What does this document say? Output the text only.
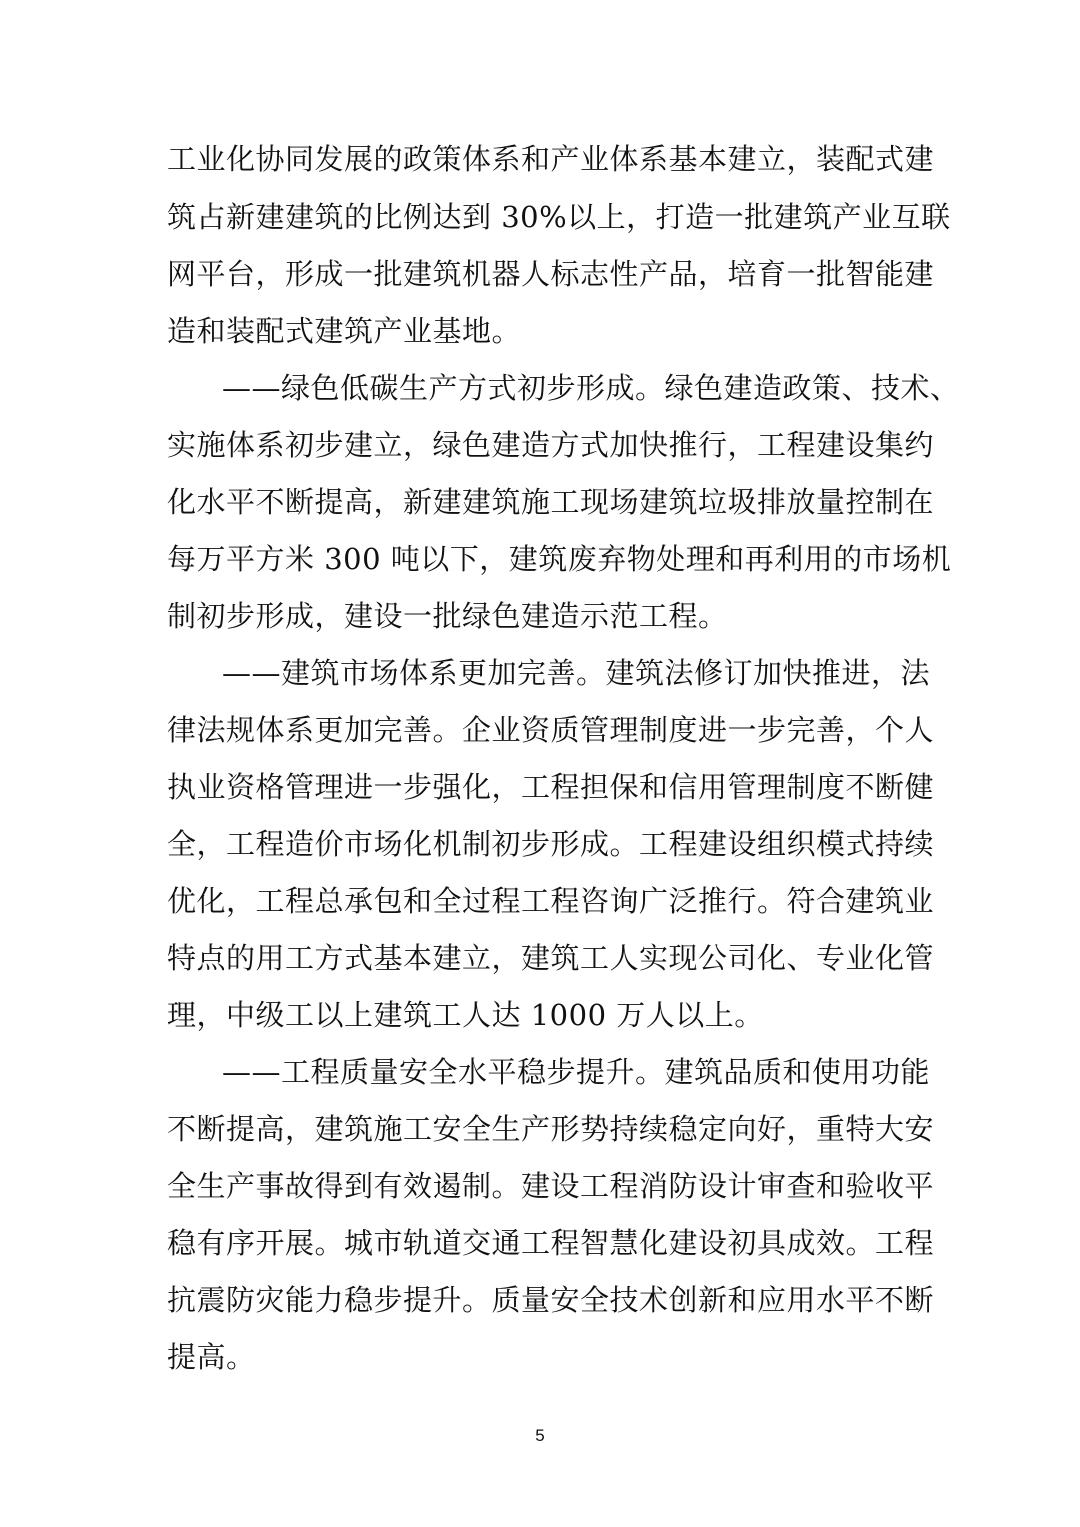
工业化协同发展的政策体系和产业体系基本建立，装配式建
筑占新建建筑的比例达到 30%以上，打造一批建筑产业互联
网平台，形成一批建筑机器人标志性产品，培育一批智能建
造和装配式建筑产业基地。
——绿色低碳生产方式初步形成。绿色建造政策、技术、
实施体系初步建立，绿色建造方式加快推行，工程建设集约
化水平不断提高，新建建筑施工现场建筑垃圾排放量控制在
每万平方米 300 吨以下，建筑废弃物处理和再利用的市场机
制初步形成，建设一批绿色建造示范工程。
——建筑市场体系更加完善。建筑法修订加快推进，法
律法规体系更加完善。企业资质管理制度进一步完善，个人
执业资格管理进一步强化，工程担保和信用管理制度不断健
全，工程造价市场化机制初步形成。工程建设组织模式持续
优化，工程总承包和全过程工程咨询广泛推行。符合建筑业
特点的用工方式基本建立，建筑工人实现公司化、专业化管
理，中级工以上建筑工人达 1000 万人以上。
——工程质量安全水平稳步提升。建筑品质和使用功能
不断提高，建筑施工安全生产形势持续稳定向好，重特大安
全生产事故得到有效遏制。建设工程消防设计审查和验收平
稳有序开展。城市轨道交通工程智慧化建设初具成效。工程
抗震防灾能力稳步提升。质量安全技术创新和应用水平不断
提高。
5
